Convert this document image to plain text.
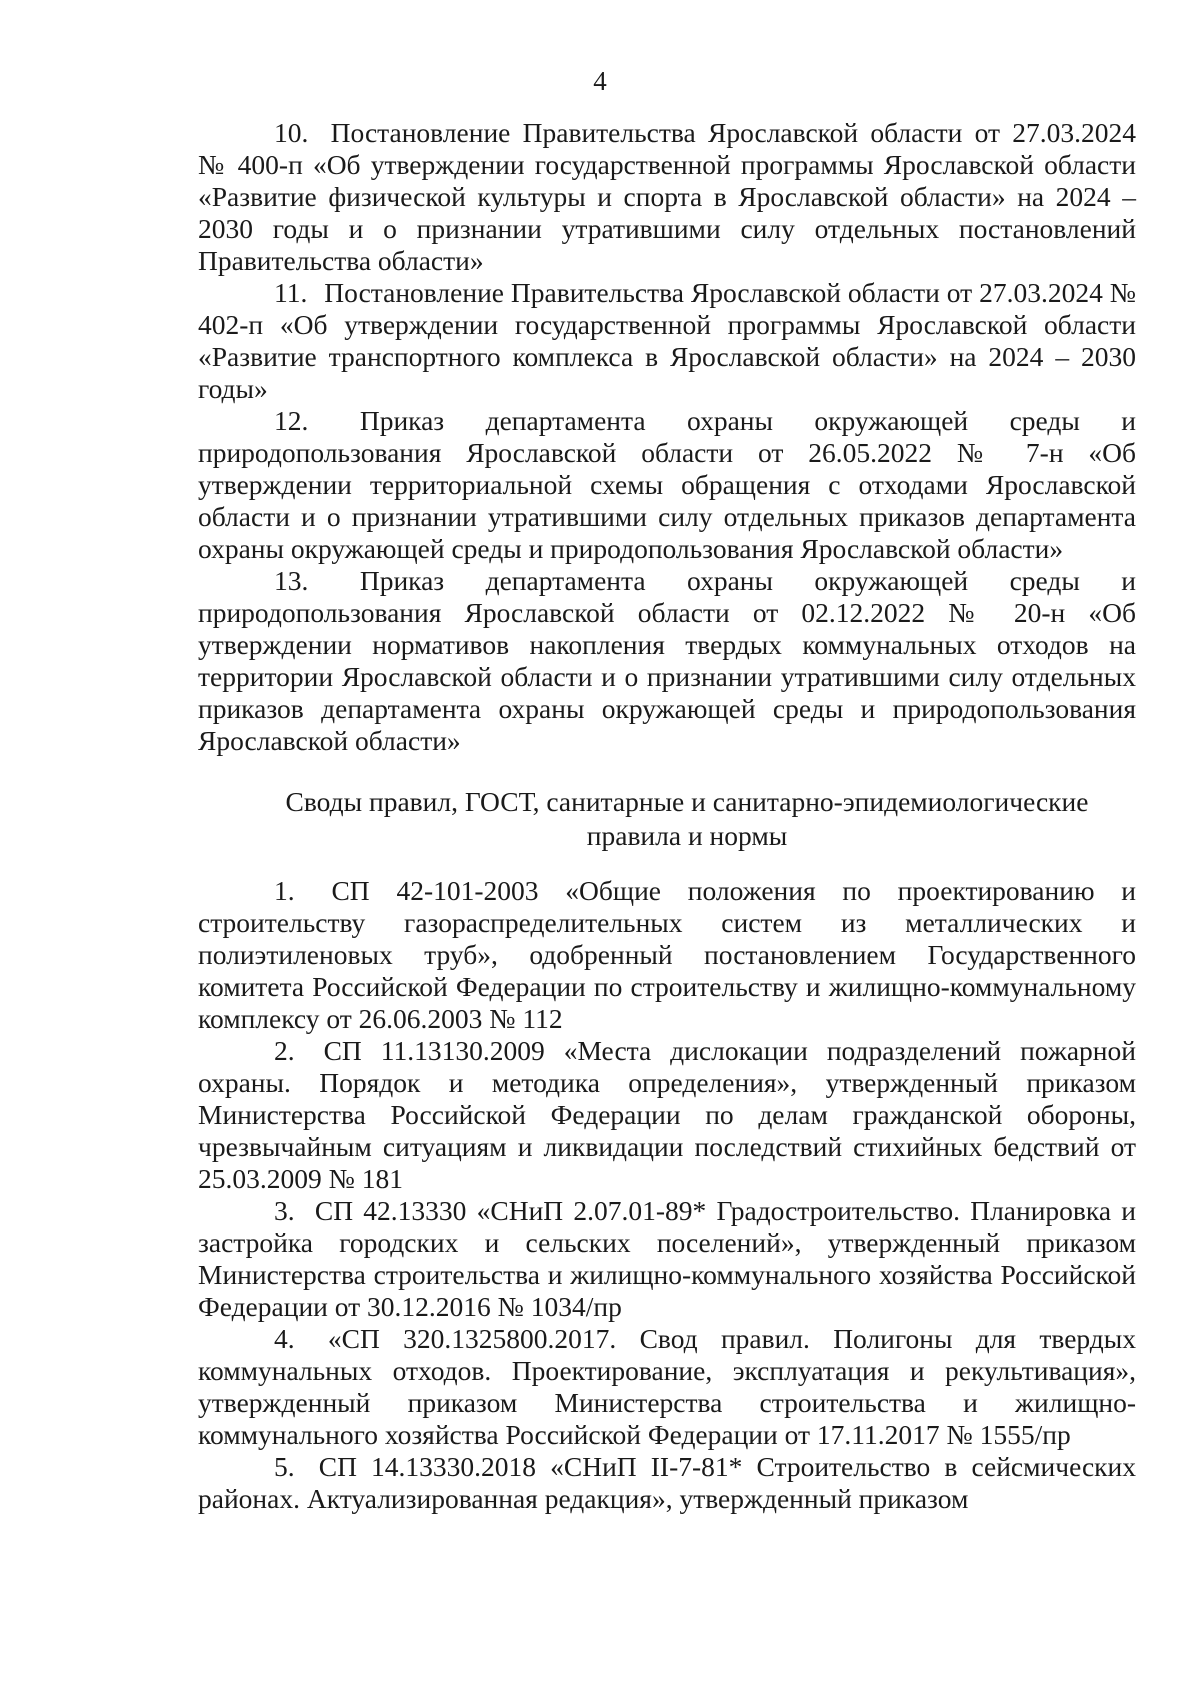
4

10. Постановление Правительства Ярославской области от 27.03.2024 № 400-п «Об утверждении государственной программы Ярославской области «Развитие физической культуры и спорта в Ярославской области» на 2024 – 2030 годы и о признании утратившими силу отдельных постановлений Правительства области»

11. Постановление Правительства Ярославской области от 27.03.2024 № 402-п «Об утверждении государственной программы Ярославской области «Развитие транспортного комплекса в Ярославской области» на 2024 – 2030 годы»

12. Приказ департамента охраны окружающей среды и природопользования Ярославской области от 26.05.2022 № 7-н «Об утверждении территориальной схемы обращения с отходами Ярославской области и о признании утратившими силу отдельных приказов департамента охраны окружающей среды и природопользования Ярославской области»

13. Приказ департамента охраны окружающей среды и природопользования Ярославской области от 02.12.2022 № 20-н «Об утверждении нормативов накопления твердых коммунальных отходов на территории Ярославской области и о признании утратившими силу отдельных приказов департамента охраны окружающей среды и природопользования Ярославской области»

Своды правил, ГОСТ, санитарные и санитарно-эпидемиологические
правила и нормы

1. СП 42-101-2003 «Общие положения по проектированию и строительству газораспределительных систем из металлических и полиэтиленовых труб», одобренный постановлением Государственного комитета Российской Федерации по строительству и жилищно-коммунальному комплексу от 26.06.2003 № 112

2. СП 11.13130.2009 «Места дислокации подразделений пожарной охраны. Порядок и методика определения», утвержденный приказом Министерства Российской Федерации по делам гражданской обороны, чрезвычайным ситуациям и ликвидации последствий стихийных бедствий от 25.03.2009 № 181

3. СП 42.13330 «СНиП 2.07.01-89* Градостроительство. Планировка и застройка городских и сельских поселений», утвержденный приказом Министерства строительства и жилищно-коммунального хозяйства Российской Федерации от 30.12.2016 № 1034/пр

4. «СП 320.1325800.2017. Свод правил. Полигоны для твердых коммунальных отходов. Проектирование, эксплуатация и рекультивация», утвержденный приказом Министерства строительства и жилищно-коммунального хозяйства Российской Федерации от 17.11.2017 № 1555/пр

5. СП 14.13330.2018 «СНиП II-7-81* Строительство в сейсмических районах. Актуализированная редакция», утвержденный приказом
